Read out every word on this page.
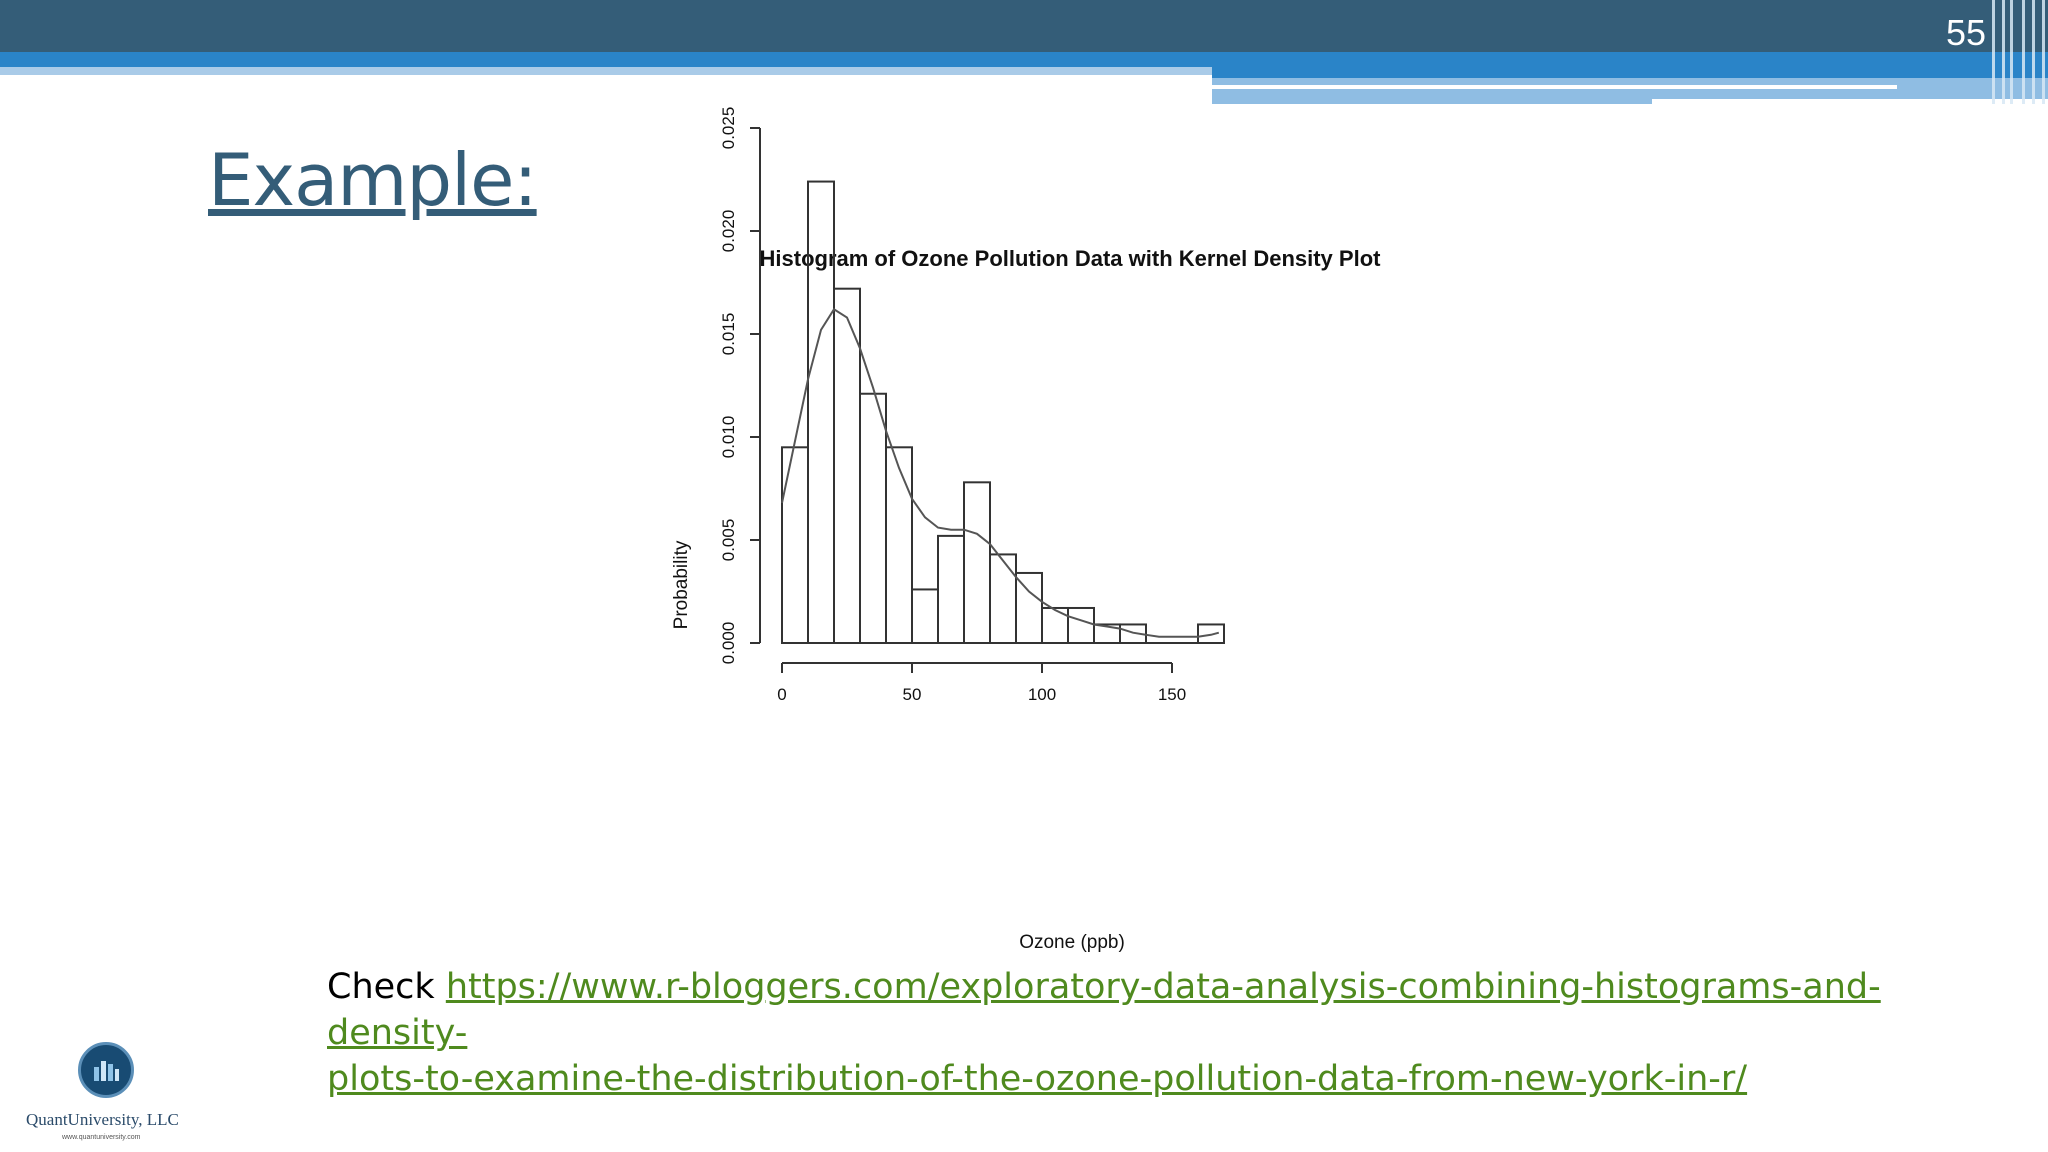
55
Example:
Histogram of Ozone Pollution Data with Kernel Density Plot
Probability
Ozone (ppb)
0.000
0.005
0.010
0.015
0.020
0.025
0	50	100	150
Check https://www.r-bloggers.com/exploratory-data-analysis-combining-histograms-and-density-
plots-to-examine-the-distribution-of-the-ozone-pollution-data-from-new-york-in-r/
QuantUniversity, LLC
www.quantuniversity.com
